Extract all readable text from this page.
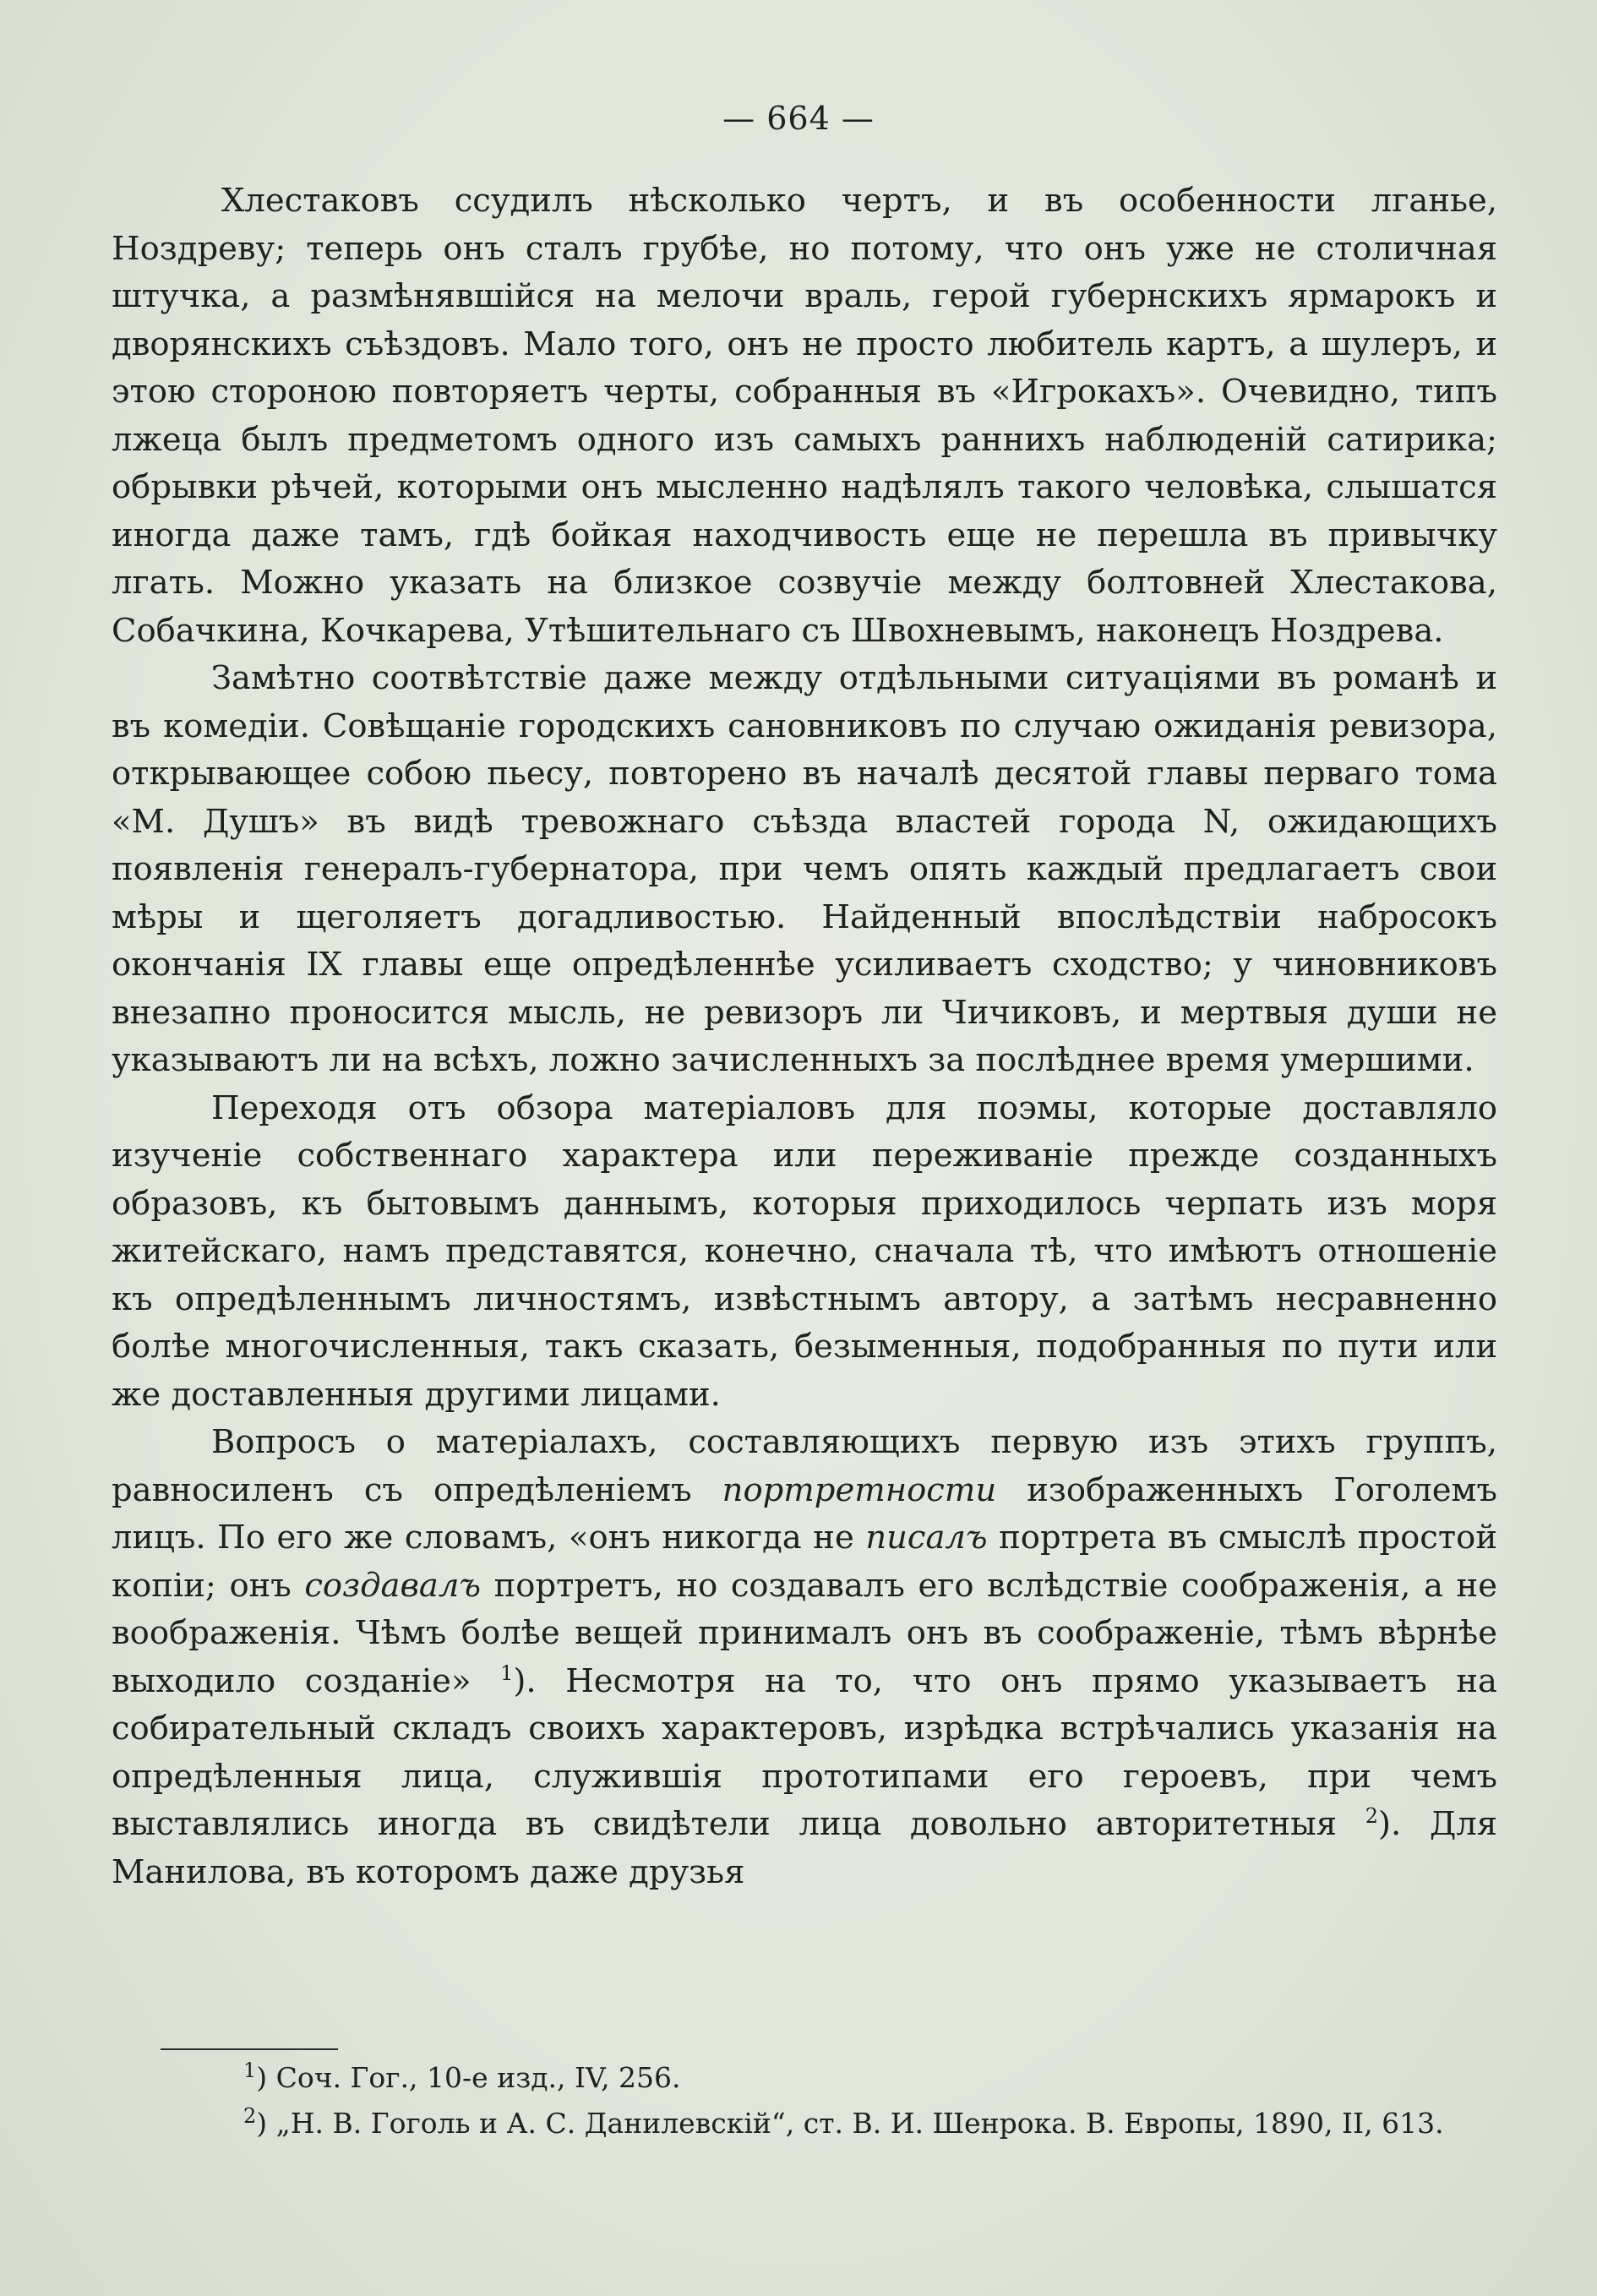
— 664 —

Хлестаковъ ссудилъ нѣсколько чертъ, и въ особенности лганье, Ноздреву; теперь онъ сталъ грубѣе, но потому, что онъ уже не столичная штучка, а размѣнявшійся на мелочи враль, герой губернскихъ ярмарокъ и дворянскихъ съѣздовъ. Мало того, онъ не просто любитель картъ, а шулеръ, и этою стороною повторяетъ черты, собранныя въ «Игрокахъ». Очевидно, типъ лжеца былъ предметомъ одного изъ самыхъ раннихъ наблюденій сатирика; обрывки рѣчей, которыми онъ мысленно надѣлялъ такого человѣка, слышатся иногда даже тамъ, гдѣ бойкая находчивость еще не перешла въ привычку лгать. Можно указать на близкое созвучіе между болтовней Хлестакова, Собачкина, Кочкарева, Утѣшительнаго съ Швохневымъ, наконецъ Ноздрева.

Замѣтно соотвѣтствіе даже между отдѣльными ситуаціями въ романѣ и въ комедіи. Совѣщаніе городскихъ сановниковъ по случаю ожиданія ревизора, открывающее собою пьесу, повторено въ началѣ десятой главы перваго тома «М. Душъ» въ видѣ тревожнаго съѣзда властей города N, ожидающихъ появленія генералъ-губернатора, при чемъ опять каждый предлагаетъ свои мѣры и щеголяетъ догадливостью. Найденный впослѣдствіи набросокъ окончанія IX главы еще опредѣленнѣе усиливаетъ сходство; у чиновниковъ внезапно проносится мысль, не ревизоръ ли Чичиковъ, и мертвыя души не указываютъ ли на всѣхъ, ложно зачисленныхъ за послѣднее время умершими.

Переходя отъ обзора матеріаловъ для поэмы, которые доставляло изученіе собственнаго характера или переживаніе прежде созданныхъ образовъ, къ бытовымъ даннымъ, которыя приходилось черпать изъ моря житейскаго, намъ представятся, конечно, сначала тѣ, что имѣютъ отношеніе къ опредѣленнымъ личностямъ, извѣстнымъ автору, а затѣмъ несравненно болѣе многочисленныя, такъ сказать, безыменныя, подобранныя по пути или же доставленныя другими лицами.

Вопросъ о матеріалахъ, составляющихъ первую изъ этихъ группъ, равносиленъ съ опредѣленіемъ портретности изображенныхъ Гоголемъ лицъ. По его же словамъ, «онъ никогда не писалъ портрета въ смыслѣ простой копіи; онъ создавалъ портретъ, но создавалъ его вслѣдствіе соображенія, а не воображенія. Чѣмъ болѣе вещей принималъ онъ въ соображеніе, тѣмъ вѣрнѣе выходило созданіе» $^1$). Несмотря на то, что онъ прямо указываетъ на собирательный складъ своихъ характеровъ, изрѣдка встрѣчались указанія на опредѣленныя лица, служившія прототипами его героевъ, при чемъ выставлялись иногда въ свидѣтели лица довольно авторитетныя $^2$). Для Манилова, въ которомъ даже друзья

$^1$) Соч. Гог., 10-е изд., IV, 256.

$^2$) „Н. В. Гоголь и А. С. Данилевскій“, ст. В. И. Шенрока. В. Европы, 1890, II, 613.
